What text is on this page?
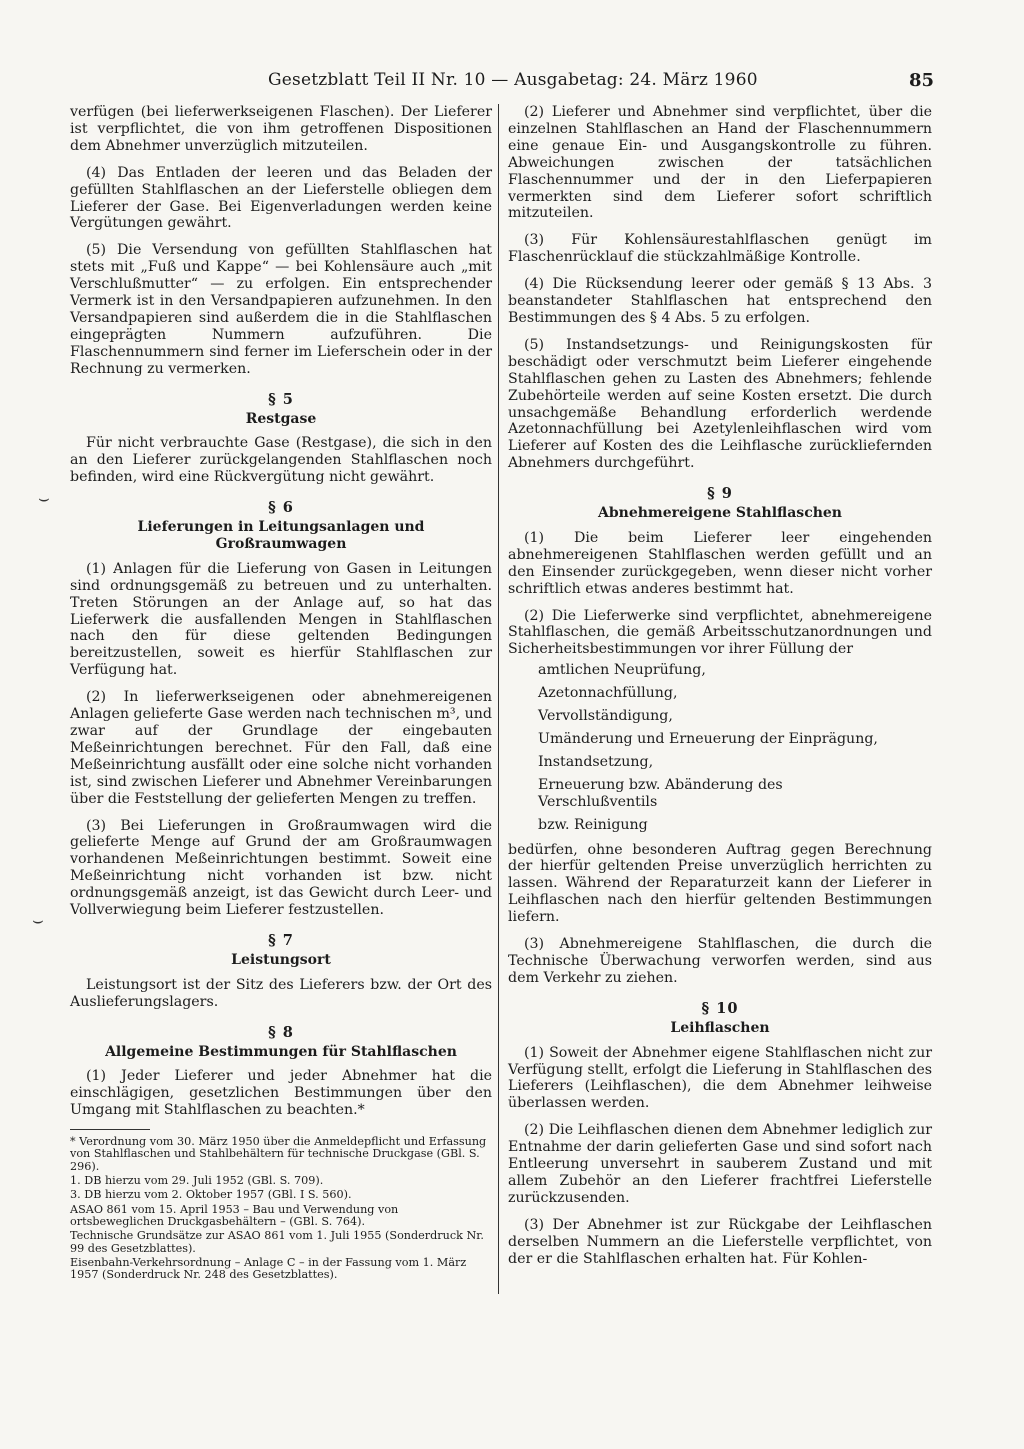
Gesetzblatt Teil II Nr. 10 — Ausgabetag: 24. März 1960	85
⌣
⌣

verfügen (bei lieferwerkseigenen Flaschen). Der Lieferer ist verpflichtet, die von ihm getroffenen Dispositionen dem Abnehmer unverzüglich mitzuteilen.

(4) Das Entladen der leeren und das Beladen der gefüllten Stahlflaschen an der Lieferstelle obliegen dem Lieferer der Gase. Bei Eigenverladungen werden keine Vergütungen gewährt.

(5) Die Versendung von gefüllten Stahlflaschen hat stets mit „Fuß und Kappe“ — bei Kohlensäure auch „mit Verschlußmutter“ — zu erfolgen. Ein entsprechender Vermerk ist in den Versandpapieren aufzunehmen. In den Versandpapieren sind außerdem die in die Stahlflaschen eingeprägten Nummern aufzuführen. Die Flaschennummern sind ferner im Lieferschein oder in der Rechnung zu vermerken.

§ 5
Restgase

Für nicht verbrauchte Gase (Restgase), die sich in den an den Lieferer zurückgelangenden Stahlflaschen noch befinden, wird eine Rückvergütung nicht gewährt.

§ 6
Lieferungen in Leitungsanlagen und Großraumwagen

(1) Anlagen für die Lieferung von Gasen in Leitungen sind ordnungsgemäß zu betreuen und zu unterhalten. Treten Störungen an der Anlage auf, so hat das Lieferwerk die ausfallenden Mengen in Stahlflaschen nach den für diese geltenden Bedingungen bereitzustellen, soweit es hierfür Stahlflaschen zur Verfügung hat.

(2) In lieferwerkseigenen oder abnehmereigenen Anlagen gelieferte Gase werden nach technischen m³, und zwar auf der Grundlage der eingebauten Meßeinrichtungen berechnet. Für den Fall, daß eine Meßeinrichtung ausfällt oder eine solche nicht vorhanden ist, sind zwischen Lieferer und Abnehmer Vereinbarungen über die Feststellung der gelieferten Mengen zu treffen.

(3) Bei Lieferungen in Großraumwagen wird die gelieferte Menge auf Grund der am Großraumwagen vorhandenen Meßeinrichtungen bestimmt. Soweit eine Meßeinrichtung nicht vorhanden ist bzw. nicht ordnungsgemäß anzeigt, ist das Gewicht durch Leer- und Vollverwiegung beim Lieferer festzustellen.

§ 7
Leistungsort

Leistungsort ist der Sitz des Lieferers bzw. der Ort des Auslieferungslagers.

§ 8
Allgemeine Bestimmungen für Stahlflaschen

(1) Jeder Lieferer und jeder Abnehmer hat die einschlägigen, gesetzlichen Bestimmungen über den Umgang mit Stahlflaschen zu beachten.*

* Verordnung vom 30. März 1950 über die Anmeldepflicht und Erfassung von Stahlflaschen und Stahlbehältern für technische Druckgase (GBl. S. 296).
1. DB hierzu vom 29. Juli 1952 (GBl. S. 709).
3. DB hierzu vom 2. Oktober 1957 (GBl. I S. 560).
ASAO 861 vom 15. April 1953 – Bau und Verwendung von ortsbeweglichen Druckgasbehältern – (GBl. S. 764).
Technische Grundsätze zur ASAO 861 vom 1. Juli 1955 (Sonderdruck Nr. 99 des Gesetzblattes).
Eisenbahn-Verkehrsordnung – Anlage C – in der Fassung vom 1. März 1957 (Sonderdruck Nr. 248 des Gesetzblattes).

(2) Lieferer und Abnehmer sind verpflichtet, über die einzelnen Stahlflaschen an Hand der Flaschennummern eine genaue Ein- und Ausgangskontrolle zu führen. Abweichungen zwischen der tatsächlichen Flaschennummer und der in den Lieferpapieren vermerkten sind dem Lieferer sofort schriftlich mitzuteilen.

(3) Für Kohlensäurestahlflaschen genügt im Flaschenrücklauf die stückzahlmäßige Kontrolle.

(4) Die Rücksendung leerer oder gemäß § 13 Abs. 3 beanstandeter Stahlflaschen hat entsprechend den Bestimmungen des § 4 Abs. 5 zu erfolgen.

(5) Instandsetzungs- und Reinigungskosten für beschädigt oder verschmutzt beim Lieferer eingehende Stahlflaschen gehen zu Lasten des Abnehmers; fehlende Zubehörteile werden auf seine Kosten ersetzt. Die durch unsachgemäße Behandlung erforderlich werdende Azetonnachfüllung bei Azetylenleihflaschen wird vom Lieferer auf Kosten des die Leihflasche zurückliefernden Abnehmers durchgeführt.

§ 9
Abnehmereigene Stahlflaschen

(1) Die beim Lieferer leer eingehenden abnehmereigenen Stahlflaschen werden gefüllt und an den Einsender zurückgegeben, wenn dieser nicht vorher schriftlich etwas anderes bestimmt hat.

(2) Die Lieferwerke sind verpflichtet, abnehmereigene Stahlflaschen, die gemäß Arbeitsschutzanordnungen und Sicherheitsbestimmungen vor ihrer Füllung der

amtlichen Neuprüfung,
Azetonnachfüllung,
Vervollständigung,
Umänderung und Erneuerung der Einprägung,
Instandsetzung,
Erneuerung bzw. Abänderung des Verschlußventils
bzw. Reinigung

bedürfen, ohne besonderen Auftrag gegen Berechnung der hierfür geltenden Preise unverzüglich herrichten zu lassen. Während der Reparaturzeit kann der Lieferer in Leihflaschen nach den hierfür geltenden Bestimmungen liefern.

(3) Abnehmereigene Stahlflaschen, die durch die Technische Überwachung verworfen werden, sind aus dem Verkehr zu ziehen.

§ 10
Leihflaschen

(1) Soweit der Abnehmer eigene Stahlflaschen nicht zur Verfügung stellt, erfolgt die Lieferung in Stahlflaschen des Lieferers (Leihflaschen), die dem Abnehmer leihweise überlassen werden.

(2) Die Leihflaschen dienen dem Abnehmer lediglich zur Entnahme der darin gelieferten Gase und sind sofort nach Entleerung unversehrt in sauberem Zustand und mit allem Zubehör an den Lieferer frachtfrei Lieferstelle zurückzusenden.

(3) Der Abnehmer ist zur Rückgabe der Leihflaschen derselben Nummern an die Lieferstelle verpflichtet, von der er die Stahlflaschen erhalten hat. Für Kohlen-
